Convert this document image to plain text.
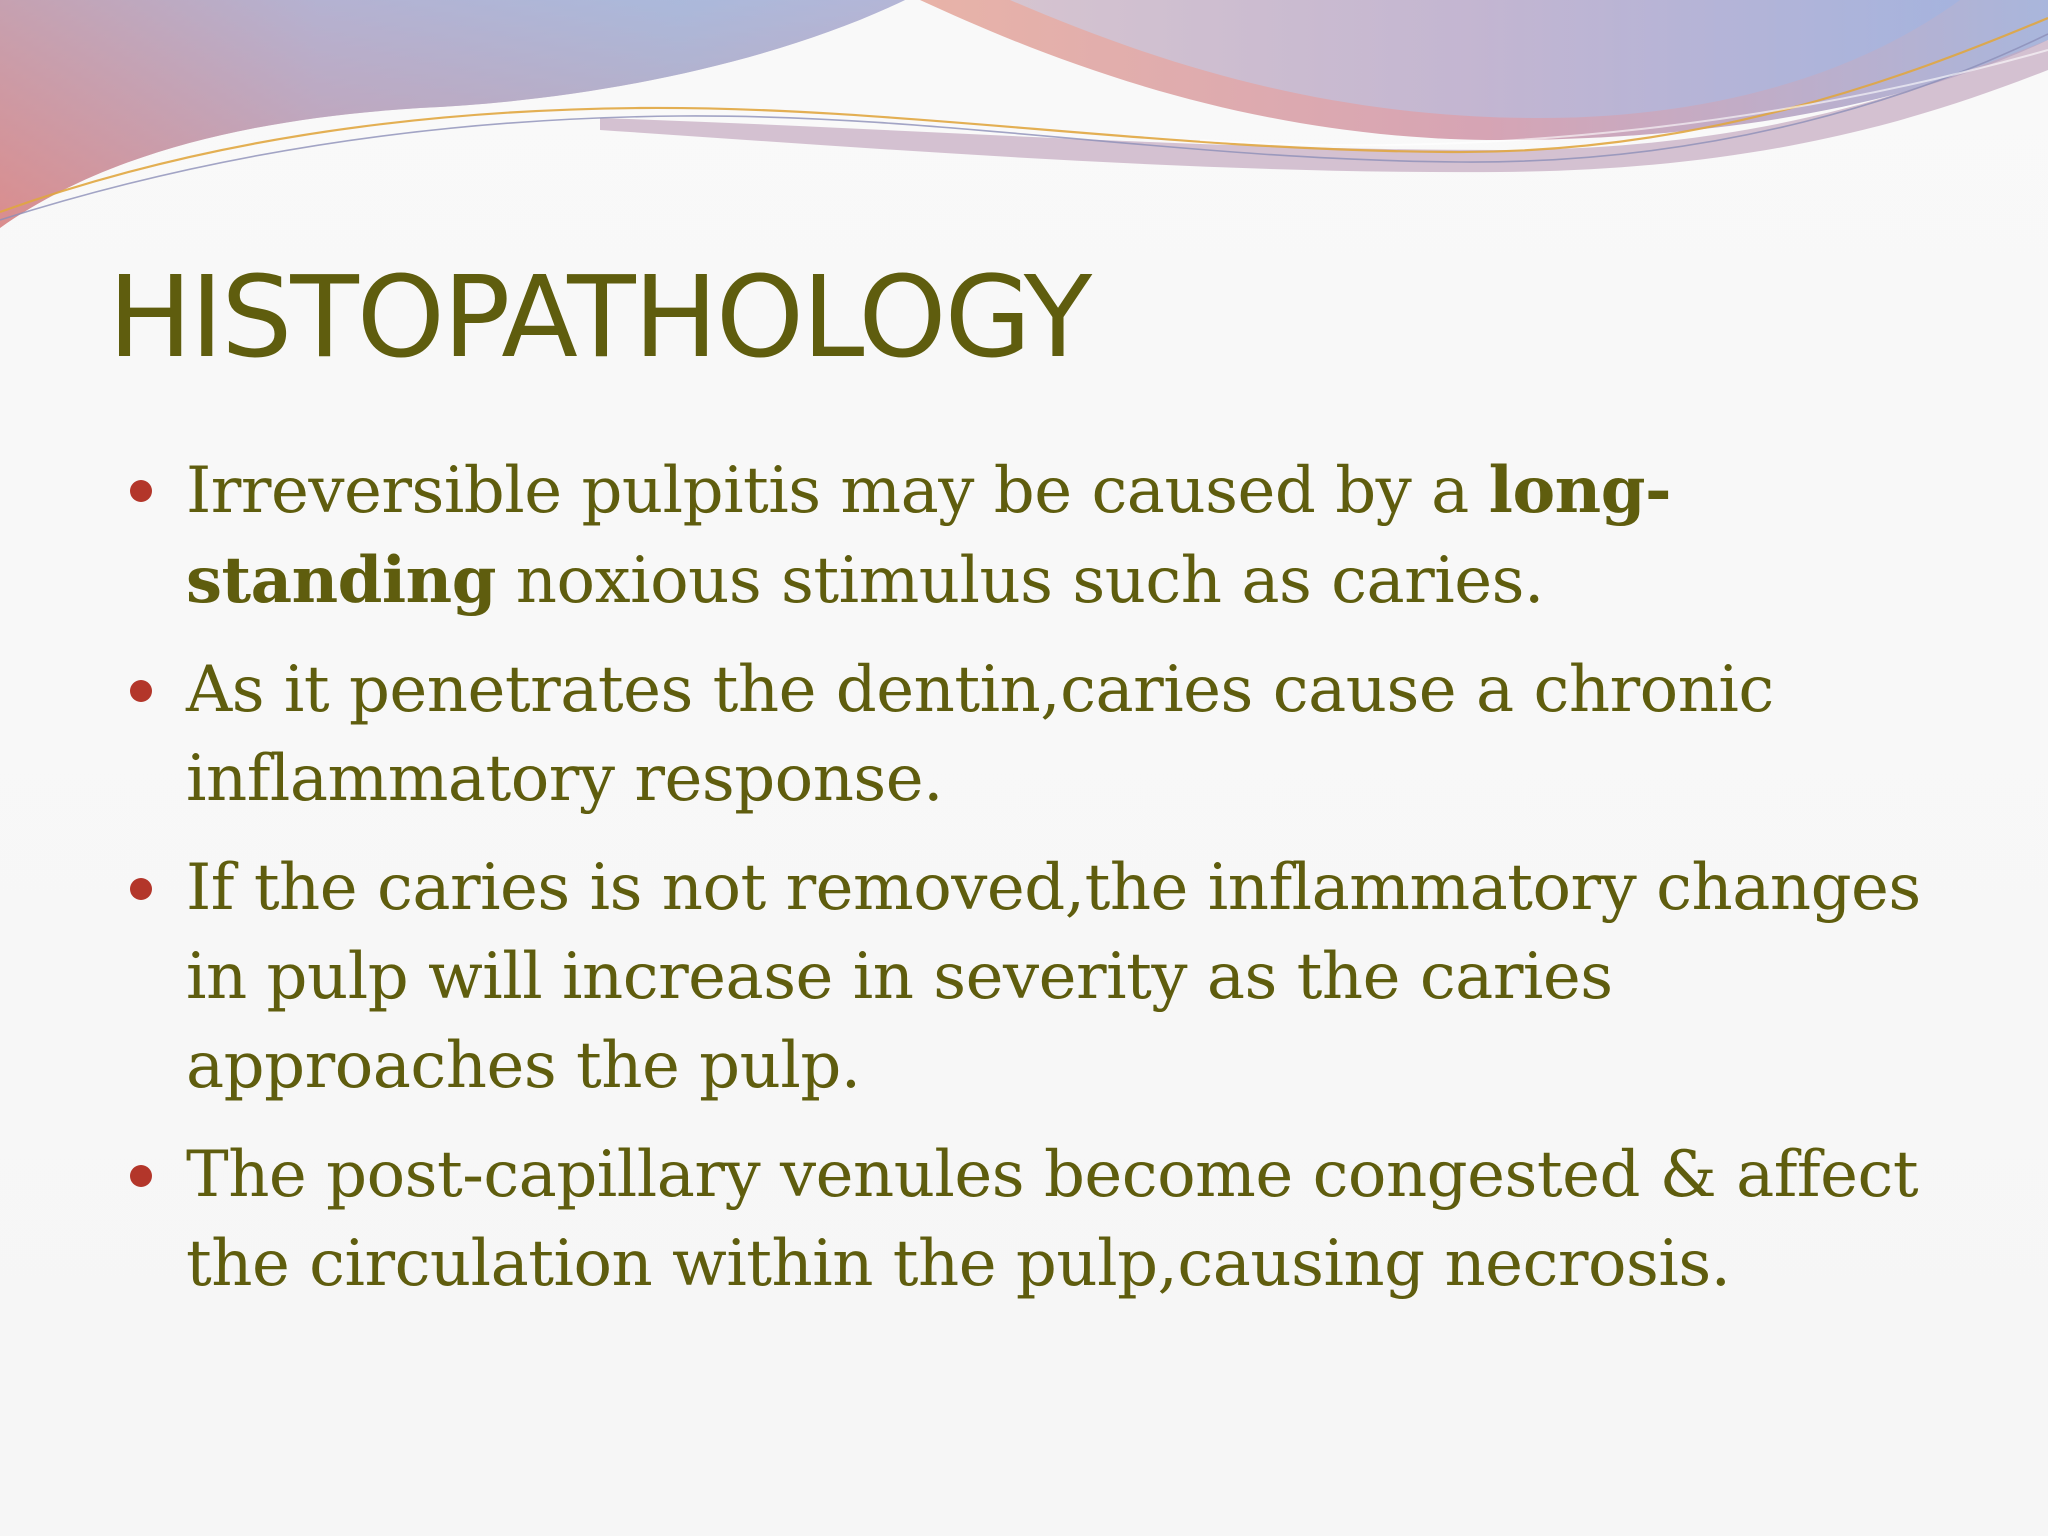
HISTOPATHOLOGY
Irreversible pulpitis may be caused by a long-standing noxious stimulus such as caries.
As it penetrates the dentin,caries cause a chronic inflammatory response.
If the caries is not removed,the inflammatory changes in pulp will increase in severity as the caries approaches the pulp.
The post-capillary venules become congested & affect the circulation within the pulp,causing necrosis.
